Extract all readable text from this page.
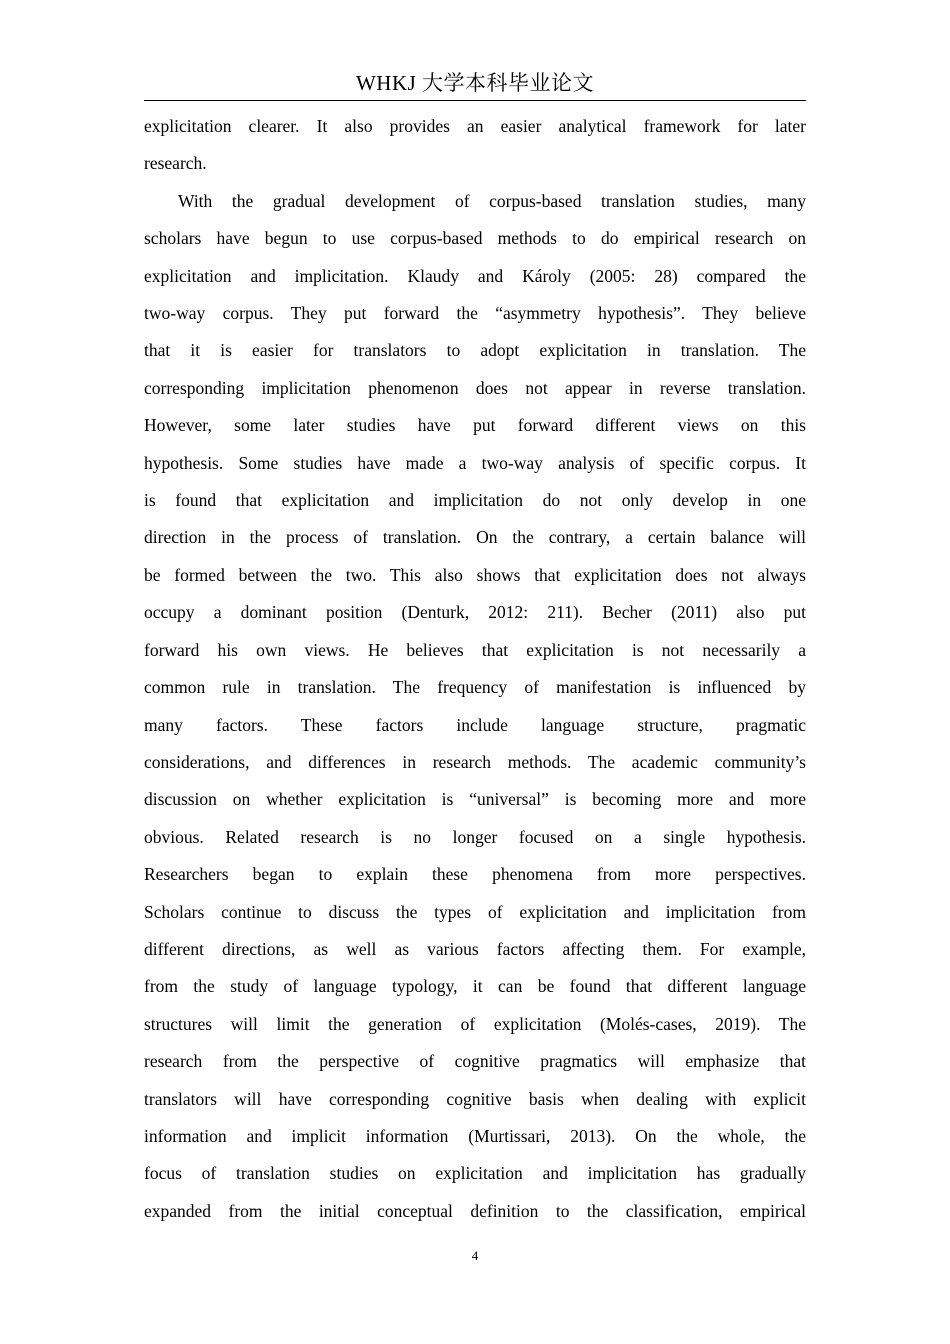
WHKJ 大学本科毕业论文
explicitation clearer. It also provides an easier analytical framework for later
research.
With the gradual development of corpus-based translation studies, many
scholars have begun to use corpus-based methods to do empirical research on
explicitation and implicitation. Klaudy and Károly (2005: 28) compared the
two-way corpus. They put forward the “asymmetry hypothesis”. They believe
that it is easier for translators to adopt explicitation in translation. The
corresponding implicitation phenomenon does not appear in reverse translation.
However, some later studies have put forward different views on this
hypothesis. Some studies have made a two-way analysis of specific corpus. It
is found that explicitation and implicitation do not only develop in one
direction in the process of translation. On the contrary, a certain balance will
be formed between the two. This also shows that explicitation does not always
occupy a dominant position (Denturk, 2012: 211). Becher (2011) also put
forward his own views. He believes that explicitation is not necessarily a
common rule in translation. The frequency of manifestation is influenced by
many factors. These factors include language structure, pragmatic
considerations, and differences in research methods. The academic community’s
discussion on whether explicitation is “universal” is becoming more and more
obvious. Related research is no longer focused on a single hypothesis.
Researchers began to explain these phenomena from more perspectives.
Scholars continue to discuss the types of explicitation and implicitation from
different directions, as well as various factors affecting them. For example,
from the study of language typology, it can be found that different language
structures will limit the generation of explicitation (Molés-cases, 2019). The
research from the perspective of cognitive pragmatics will emphasize that
translators will have corresponding cognitive basis when dealing with explicit
information and implicit information (Murtissari, 2013). On the whole, the
focus of translation studies on explicitation and implicitation has gradually
expanded from the initial conceptual definition to the classification, empirical
4
